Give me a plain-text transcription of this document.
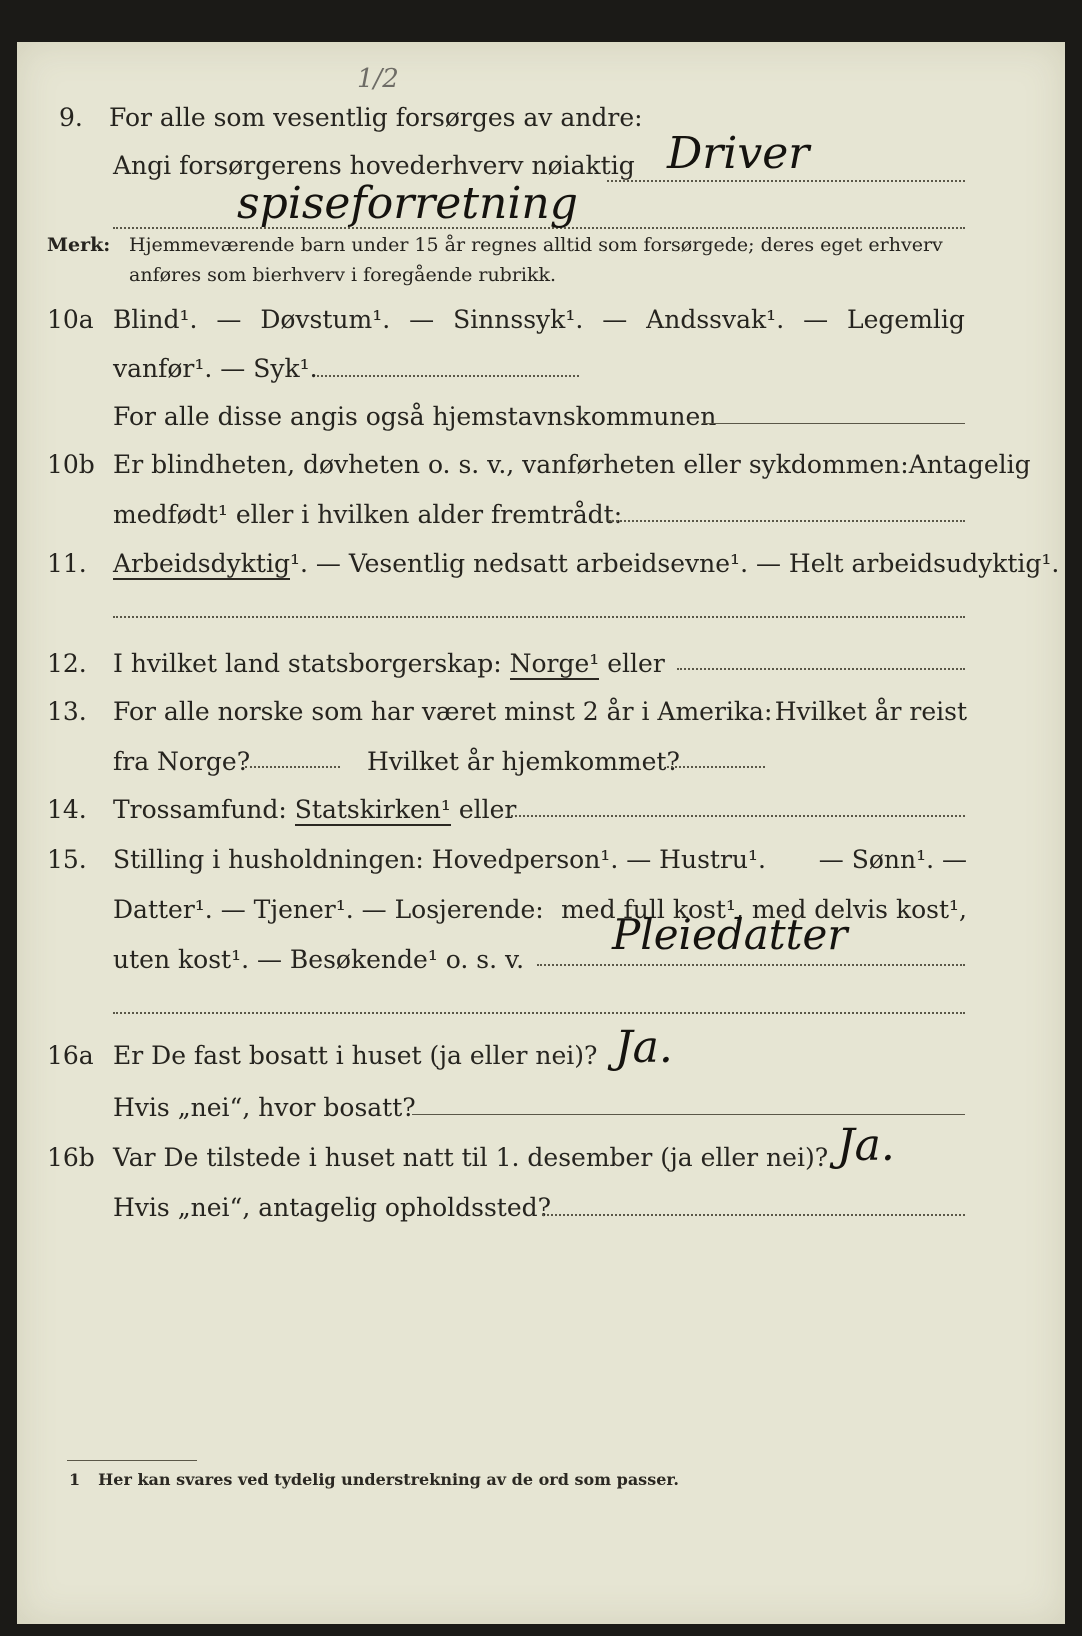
1/2
9.	For alle som vesentlig forsørges av andre:
Angi forsørgerens hovederhverv nøiaktig Driver
spiseforretning
Merk: Hjemmeværende barn under 15 år regnes alltid som forsørgede; deres eget erhverv
anføres som bierhverv i foregående rubrikk.
10a Blind¹. — Døvstum¹. — Sinnssyk¹. — Andssvak¹. — Legemlig
vanfør¹. — Syk¹.
For alle disse angis også hjemstavnskommunen
10b Er blindheten, døvheten o. s. v., vanførheten eller sykdommen: Antagelig
medfødt¹ eller i hvilken alder fremtrådt:
11.	Arbeidsdyktig¹. — Vesentlig nedsatt arbeidsevne¹. — Helt arbeidsudyktig¹.
12.	I hvilket land statsborgerskap: Norge¹ eller
13.	For alle norske som har været minst 2 år i Amerika: Hvilket år reist
fra Norge?	Hvilket år hjemkommet?
14.	Trossamfund: Statskirken¹ eller
15.	Stilling i husholdningen: Hovedperson¹. — Hustru¹. — Sønn¹. —
Datter¹. — Tjener¹. — Losjerende: med full kost¹, med delvis kost¹,
uten kost¹. — Besøkende¹ o. s. v.
Pleiedatter
16a Er De fast bosatt i huset (ja eller nei)? Ja.
Hvis „nei“, hvor bosatt?
16b Var De tilstede i huset natt til 1. desember (ja eller nei)? Ja.
Hvis „nei“, antagelig opholdssted?
1 Her kan svares ved tydelig understrekning av de ord som passer.
